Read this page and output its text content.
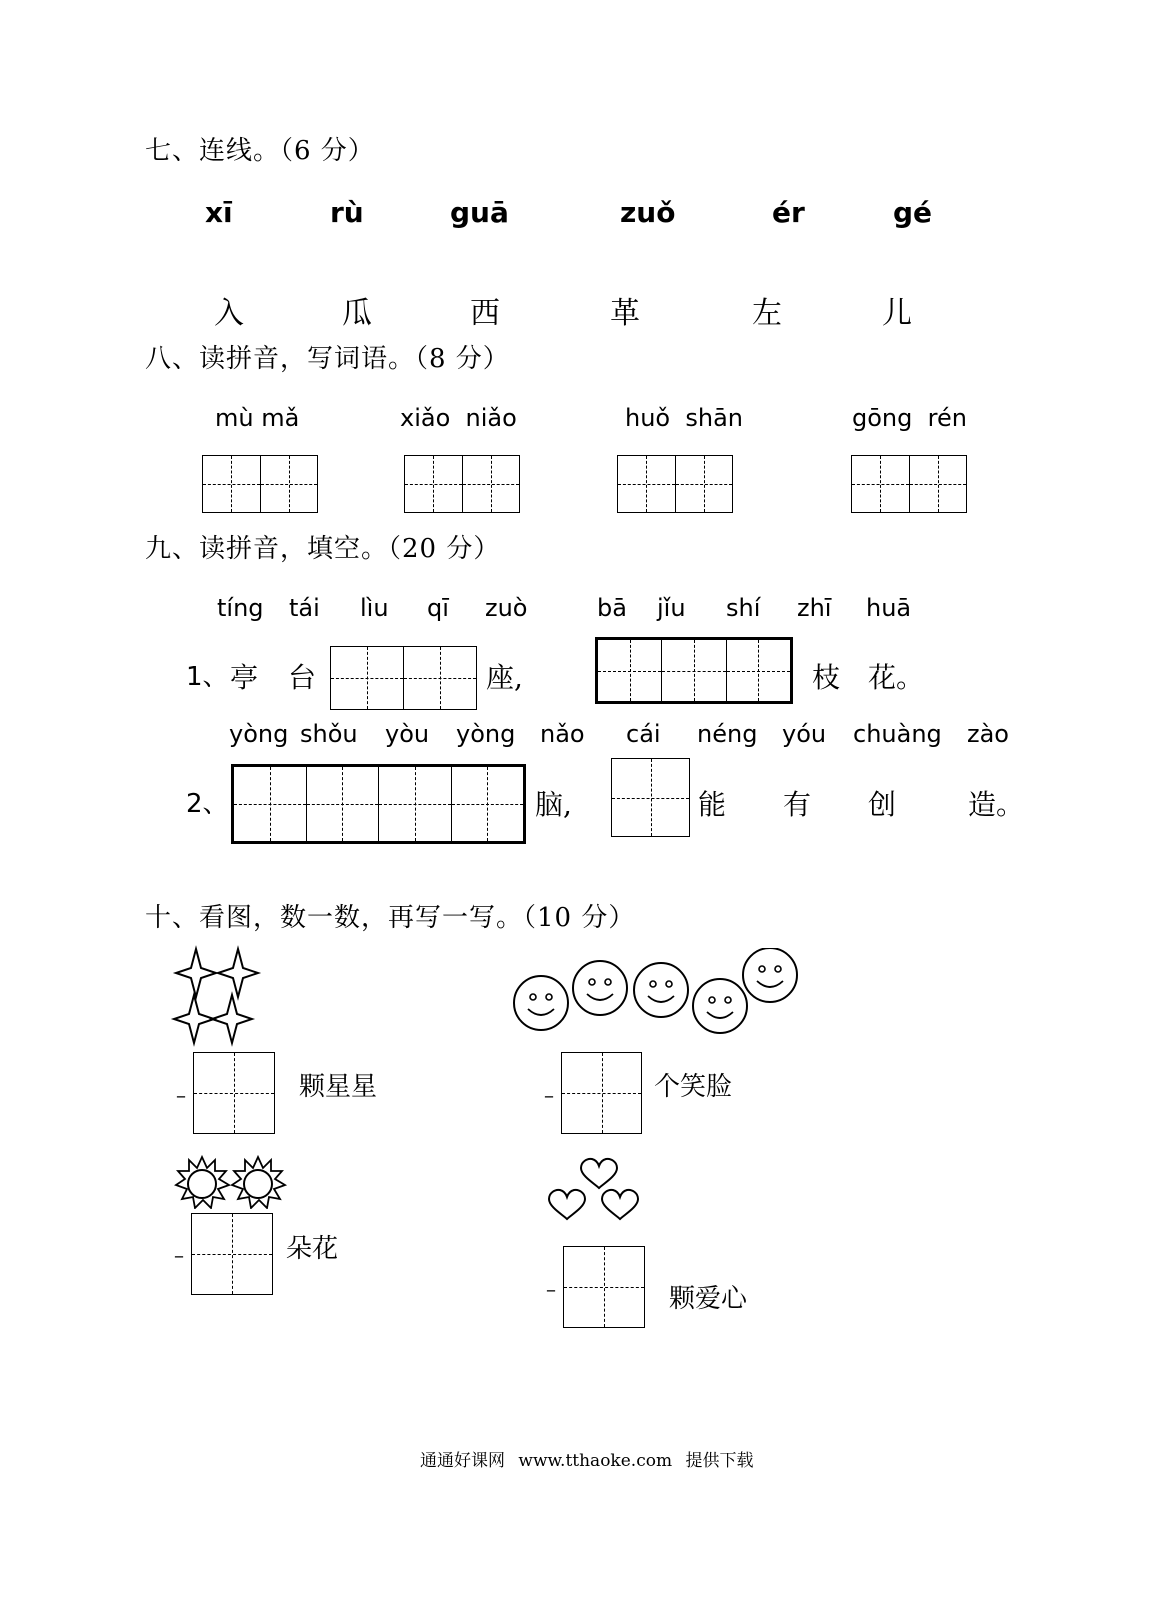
七、连线。（6 分）
xī	rù	guā	zuǒ	ér	gé
入	瓜	西	革	左	儿
八、读拼音，写词语。（8 分）
mù mǎ	xiǎo  niǎo	huǒ  shān	gōng  rén
九、读拼音，填空。（20 分）
tíng tái lìu qī zuò	bā jǐu shí zhī huā
1、 亭 台	座,	枝 花。
yòng shǒu yòu yòng nǎo cái néng yóu chuàng zào
2、	脑,	能 有 创	造。
十、看图，数一数，再写一写。（10 分）
–	颗星星	–	个笑脸
–	朵花
–	颗爱心
通通好课网 www.tthaoke.com 提供下载
